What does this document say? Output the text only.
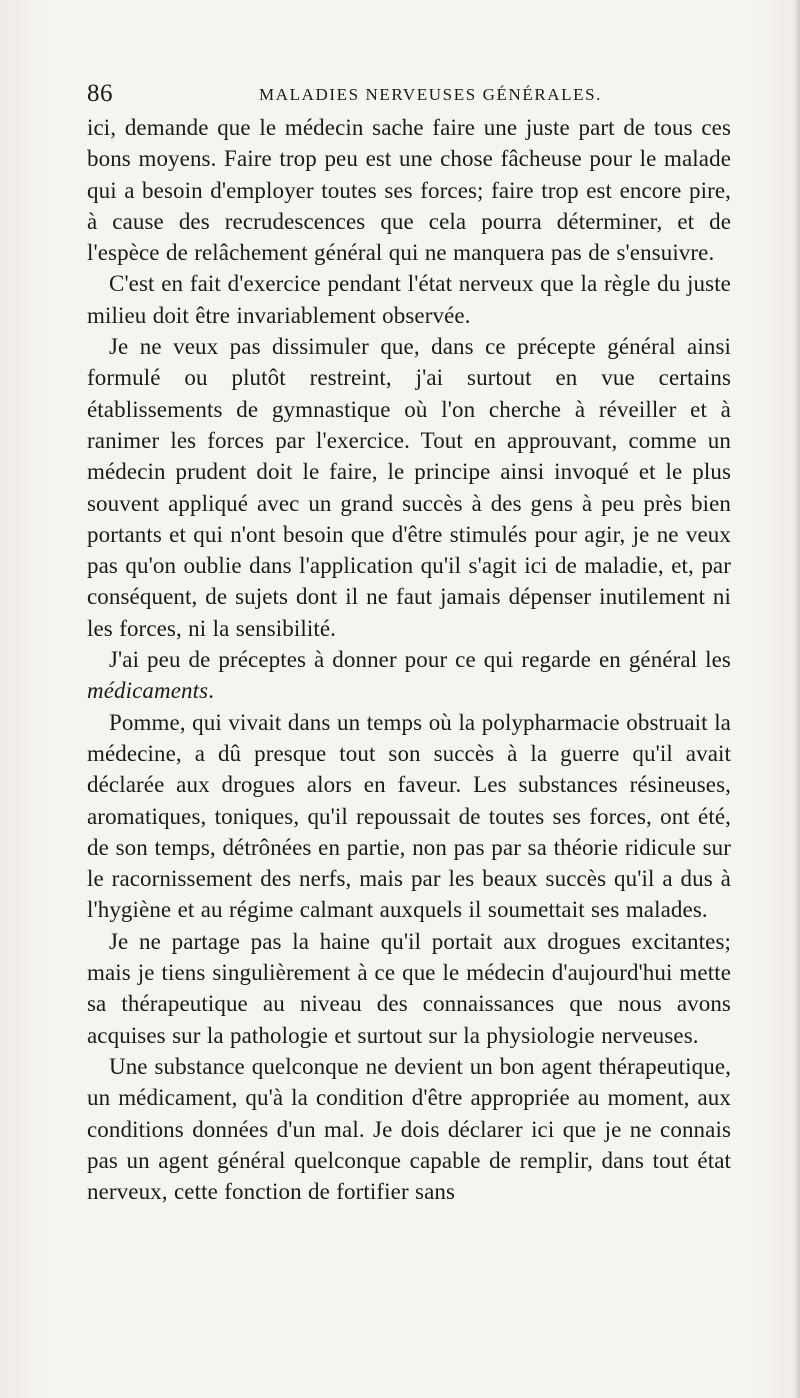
86	MALADIES NERVEUSES GÉNÉRALES.

ici, demande que le médecin sache faire une juste part de tous ces bons moyens. Faire trop peu est une chose fâcheuse pour le malade qui a besoin d'employer toutes ses forces; faire trop est encore pire, à cause des recrudescences que cela pourra déterminer, et de l'espèce de relâchement général qui ne manquera pas de s'ensuivre.

C'est en fait d'exercice pendant l'état nerveux que la règle du juste milieu doit être invariablement observée.

Je ne veux pas dissimuler que, dans ce précepte général ainsi formulé ou plutôt restreint, j'ai surtout en vue certains établissements de gymnastique où l'on cherche à réveiller et à ranimer les forces par l'exercice. Tout en approuvant, comme un médecin prudent doit le faire, le principe ainsi invoqué et le plus souvent appliqué avec un grand succès à des gens à peu près bien portants et qui n'ont besoin que d'être stimulés pour agir, je ne veux pas qu'on oublie dans l'application qu'il s'agit ici de maladie, et, par conséquent, de sujets dont il ne faut jamais dépenser inutilement ni les forces, ni la sensibilité.

J'ai peu de préceptes à donner pour ce qui regarde en général les médicaments.

Pomme, qui vivait dans un temps où la polypharmacie obstruait la médecine, a dû presque tout son succès à la guerre qu'il avait déclarée aux drogues alors en faveur. Les substances résineuses, aromatiques, toniques, qu'il repoussait de toutes ses forces, ont été, de son temps, détrônées en partie, non pas par sa théorie ridicule sur le racornissement des nerfs, mais par les beaux succès qu'il a dus à l'hygiène et au régime calmant auxquels il soumettait ses malades.

Je ne partage pas la haine qu'il portait aux drogues excitantes; mais je tiens singulièrement à ce que le médecin d'aujourd'hui mette sa thérapeutique au niveau des connaissances que nous avons acquises sur la pathologie et surtout sur la physiologie nerveuses.

Une substance quelconque ne devient un bon agent thérapeutique, un médicament, qu'à la condition d'être appropriée au moment, aux conditions données d'un mal. Je dois déclarer ici que je ne connais pas un agent général quelconque capable de remplir, dans tout état nerveux, cette fonction de fortifier sans
